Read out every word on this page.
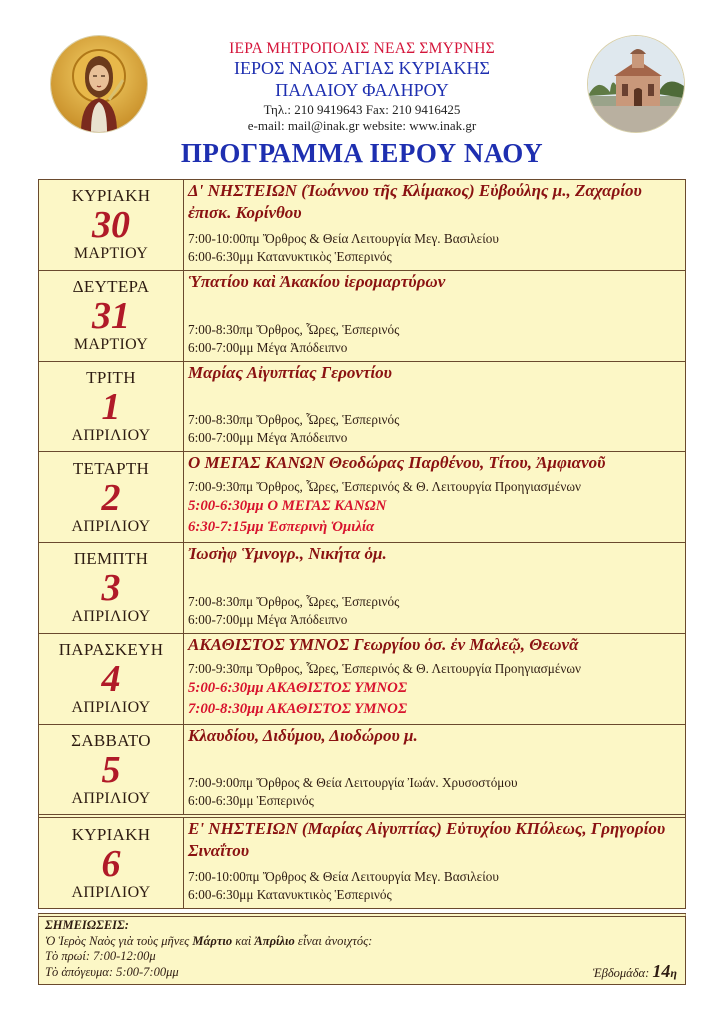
ΙΕΡΑ ΜΗΤΡΟΠΟΛΙΣ ΝΕΑΣ ΣΜΥΡΝΗΣ
ΙΕΡΟΣ ΝΑΟΣ ΑΓΙΑΣ ΚΥΡΙΑΚΗΣ
ΠΑΛΑΙΟΥ ΦΑΛΗΡΟΥ
Τηλ.: 210 9419643 Fax: 210 9416425
e-mail: mail@inak.gr website: www.inak.gr
ΠΡΟΓΡΑΜΜΑ ΙΕΡΟΥ ΝΑΟΥ
ΚΥΡΙΑΚΗ
30
ΜΑΡΤΙΟΥ
Δ' ΝΗΣΤΕΙΩΝ (Ἰωάννου τῆς Κλίμακος) Εὐβούλης μ., Ζαχαρίου ἐπισκ. Κορίνθου
7:00-10:00πμ Ὄρθρος & Θεία Λειτουργία Μεγ. Βασιλείου
6:00-6:30μμ Κατανυκτικὸς Ἑσπερινός
ΔΕΥΤΕΡΑ
31
ΜΑΡΤΙΟΥ
Ὑπατίου καὶ Ἀκακίου ἱερομαρτύρων
7:00-8:30πμ Ὄρθρος, Ὧρες, Ἑσπερινός
6:00-7:00μμ Μέγα Ἀπόδειπνο
ΤΡΙΤΗ
1
ΑΠΡΙΛΙΟΥ
Μαρίας Αἰγυπτίας Γεροντίου
7:00-8:30πμ Ὄρθρος, Ὧρες, Ἑσπερινός
6:00-7:00μμ Μέγα Ἀπόδειπνο
ΤΕΤΑΡΤΗ
2
ΑΠΡΙΛΙΟΥ
Ο ΜΕΓΑΣ ΚΑΝΩΝ Θεοδώρας Παρθένου, Τίτου, Ἀμφιανοῦ
7:00-9:30πμ Ὄρθρος, Ὧρες, Ἑσπερινός & Θ. Λειτουργία Προηγιασμένων
5:00-6:30μμ Ο ΜΕΓΑΣ ΚΑΝΩΝ
6:30-7:15μμ Ἑσπερινὴ Ὁμιλία
ΠΕΜΠΤΗ
3
ΑΠΡΙΛΙΟΥ
Ἰωσὴφ Ὑμνογρ., Νικήτα ὁμ.
7:00-8:30πμ Ὄρθρος, Ὧρες, Ἑσπερινός
6:00-7:00μμ Μέγα Ἀπόδειπνο
ΠΑΡΑΣΚΕΥΗ
4
ΑΠΡΙΛΙΟΥ
ΑΚΑΘΙΣΤΟΣ ΥΜΝΟΣ Γεωργίου ὁσ. ἐν Μαλεῷ, Θεωνᾶ
7:00-9:30πμ Ὄρθρος, Ὧρες, Ἑσπερινός & Θ. Λειτουργία Προηγιασμένων
5:00-6:30μμ ΑΚΑΘΙΣΤΟΣ ΥΜΝΟΣ
7:00-8:30μμ ΑΚΑΘΙΣΤΟΣ ΥΜΝΟΣ
ΣΑΒΒΑΤΟ
5
ΑΠΡΙΛΙΟΥ
Κλαυδίου, Διδύμου, Διοδώρου μ.
7:00-9:00πμ Ὄρθρος & Θεία Λειτουργία Ἰωάν. Χρυσοστόμου
6:00-6:30μμ Ἑσπερινός
ΚΥΡΙΑΚΗ
6
ΑΠΡΙΛΙΟΥ
Ε' ΝΗΣΤΕΙΩΝ (Μαρίας Αἰγυπτίας) Εὐτυχίου ΚΠόλεως, Γρηγορίου Σιναΐτου
7:00-10:00πμ Ὄρθρος & Θεία Λειτουργία Μεγ. Βασιλείου
6:00-6:30μμ Κατανυκτικὸς Ἑσπερινός
ΣΗΜΕΙΩΣΕΙΣ:
Ὁ Ἱερὸς Ναὸς γιὰ τοὺς μῆνες Μάρτιο καὶ Ἀπρίλιο εἶναι ἀνοιχτός:
Τὸ πρωί: 7:00-12:00μ
Τὸ ἀπόγευμα: 5:00-7:00μμ	Ἑβδομάδα: 14η
